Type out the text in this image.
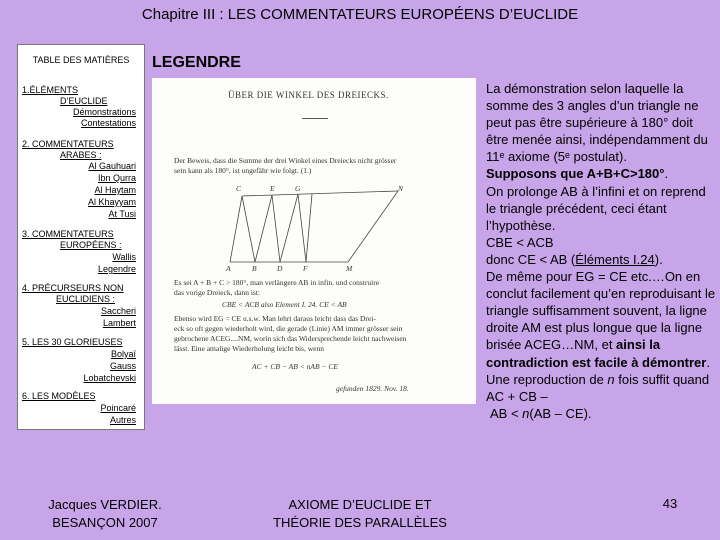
Chapitre III : LES COMMENTATEURS EUROPÉENS D’EUCLIDE
TABLE DES MATIÈRES
1.ÉLÉMENTS
D’EUCLIDE
Démonstrations
Contestations
2. COMMENTATEURS
ARABES :
Al Gauhuari
Ibn Qurra
Al Haytam
Al Khayyam
At Tusi
3. COMMENTATEURS
EUROPÉENS :
Wallis
Legendre
4. PRÉCURSEURS NON
EUCLIDIENS :
Saccheri
Lambert
5. LES 30 GLORIEUSES
Bolyaï
Gauss
Lobatchevski
6. LES MODÈLES
Poincaré
Autres
LEGENDRE
ÜBER DIE WINKEL DES DREIECKS.
Der Beweis, dass die Summe der drei Winkel eines Dreiecks nicht grösser
sein kann als 180°, ist ungefähr wie folgt. (1.)
C	E	G	N
A	B	D	F	M
Es sei A + B + C > 180°, man verlängere AB in infin. und construire
das vorige Dreieck, dann ist:
CBE < ACB also Element I. 24. CE < AB
Ebenso wird EG = CE u.s.w. Man lehrt daraus leicht dass das Drei-
eck so oft gegen wiederholt wird, die gerade (Linie) AM immer grösser sein
gebrochene ACEG....NM, worin sich das Widersprechende leicht nachweisen
lässt. Eine amalige Wiederholung leicht bis, wenn
AC + CB − AB < nAB − CE
gefunden 1829. Nov. 18.

La démonstration selon laquelle la somme des 3 angles d’un triangle ne peut pas être supérieure à 180° doit être menée ainsi, indépendamment du 11ᵉ axiome (5ᵉ postulat).

Supposons que A+B+C>180°.

On prolonge AB à l’infini et on reprend le triangle précédent, ceci étant l’hypothèse.

CBE < ACB

donc CE < AB (Éléments I.24).

De même pour EG = CE etc.…On en conclut facilement qu’en reproduisant le triangle suffisamment souvent, la ligne droite AM est plus longue que la ligne brisée ACEG…NM, et ainsi la contradiction est facile à démontrer. Une reproduction de n fois suffit quand AC + CB –

AB < n(AB – CE).

Jacques VERDIER.
BESANÇON 2007
AXIOME D’EUCLIDE ET
THÉORIE DES PARALLÈLES
43
